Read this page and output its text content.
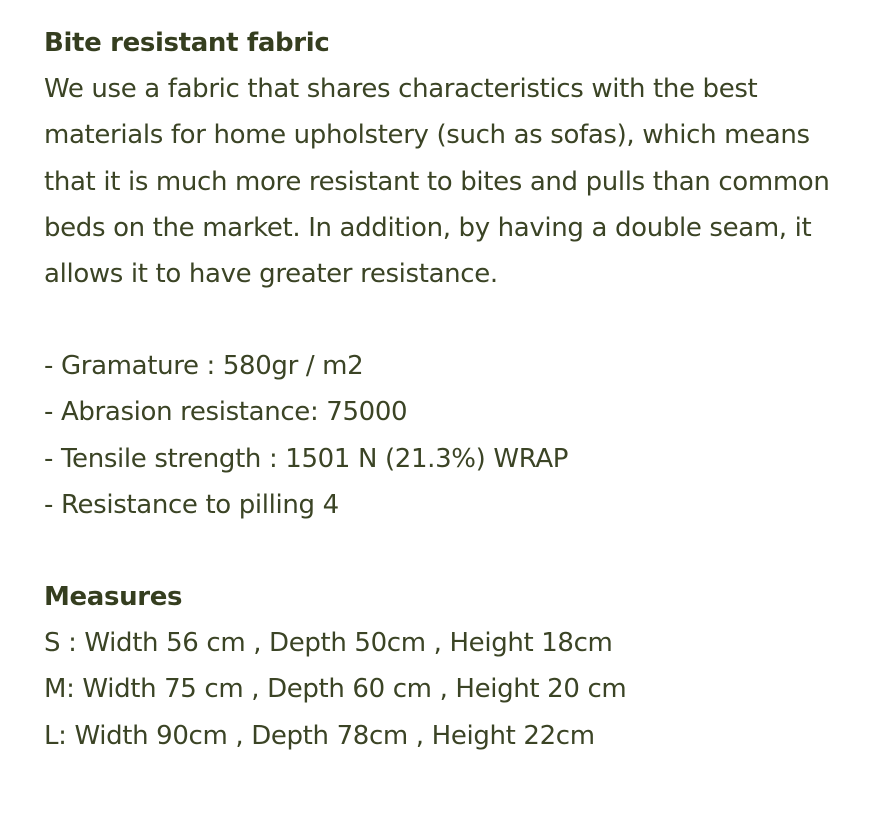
Bite resistant fabric

We use a fabric that shares characteristics with the best materials for home upholstery (such as sofas), which means that it is much more resistant to bites and pulls than common beds on the market. In addition, by having a double seam, it allows it to have greater resistance.

- Gramature : 580gr / m2
- Abrasion resistance: 75000
- Tensile strength : 1501 N (21.3%) WRAP
- Resistance to pilling 4

Measures

S : Width 56 cm , Depth 50cm , Height 18cm
M: Width 75 cm , Depth 60 cm , Height 20 cm
L: Width 90cm , Depth 78cm , Height 22cm
